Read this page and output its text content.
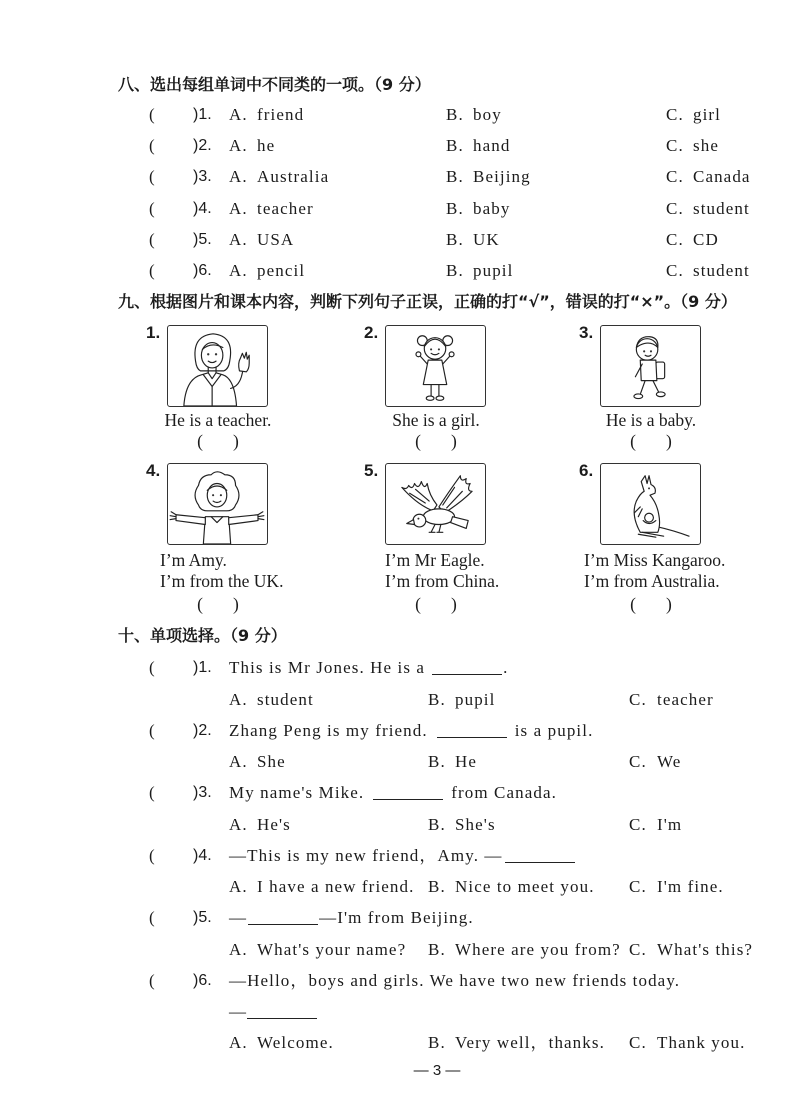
八、选出每组单词中不同类的一项。（9 分）
( )1. A. friend	B. boy	C. girl
( )2. A. he	B. hand	C. she
( )3. A. Australia	B. Beijing	C. Canada
( )4. A. teacher	B. baby	C. student
( )5. A. USA	B. UK	C. CD
( )6. A. pencil	B. pupil	C. student
九、根据图片和课本内容，判断下列句子正误，正确的打“√”，错误的打“×”。（9 分）
1.
He is a teacher.
( )
2.
She is a girl.
( )
3.
He is a baby.
( )
4.
I’m Amy.
I’m from the UK.
( )
5.
I’m Mr Eagle.
I’m from China.
( )
6.
I’m Miss Kangaroo.
I’m from Australia.
( )
十、单项选择。（9 分）
( )1. This is Mr Jones. He is a	.
A. student	B. pupil	C. teacher
( )2. Zhang Peng is my friend.	is a pupil.
A. She	B. He	C. We
( )3. My name's Mike.	from Canada.
A. He's	B. She's	C. I'm
( )4. —This is my new friend，Amy. —
A. I have a new friend. B. Nice to meet you. C. I'm fine.
( )5. —	—I'm from Beijing.
A. What's your name? B. Where are you from? C. What's this?
( )6. —Hello，boys and girls. We have two new friends today.
—
A. Welcome.	B. Very well，thanks. C. Thank you.
— 3 —
